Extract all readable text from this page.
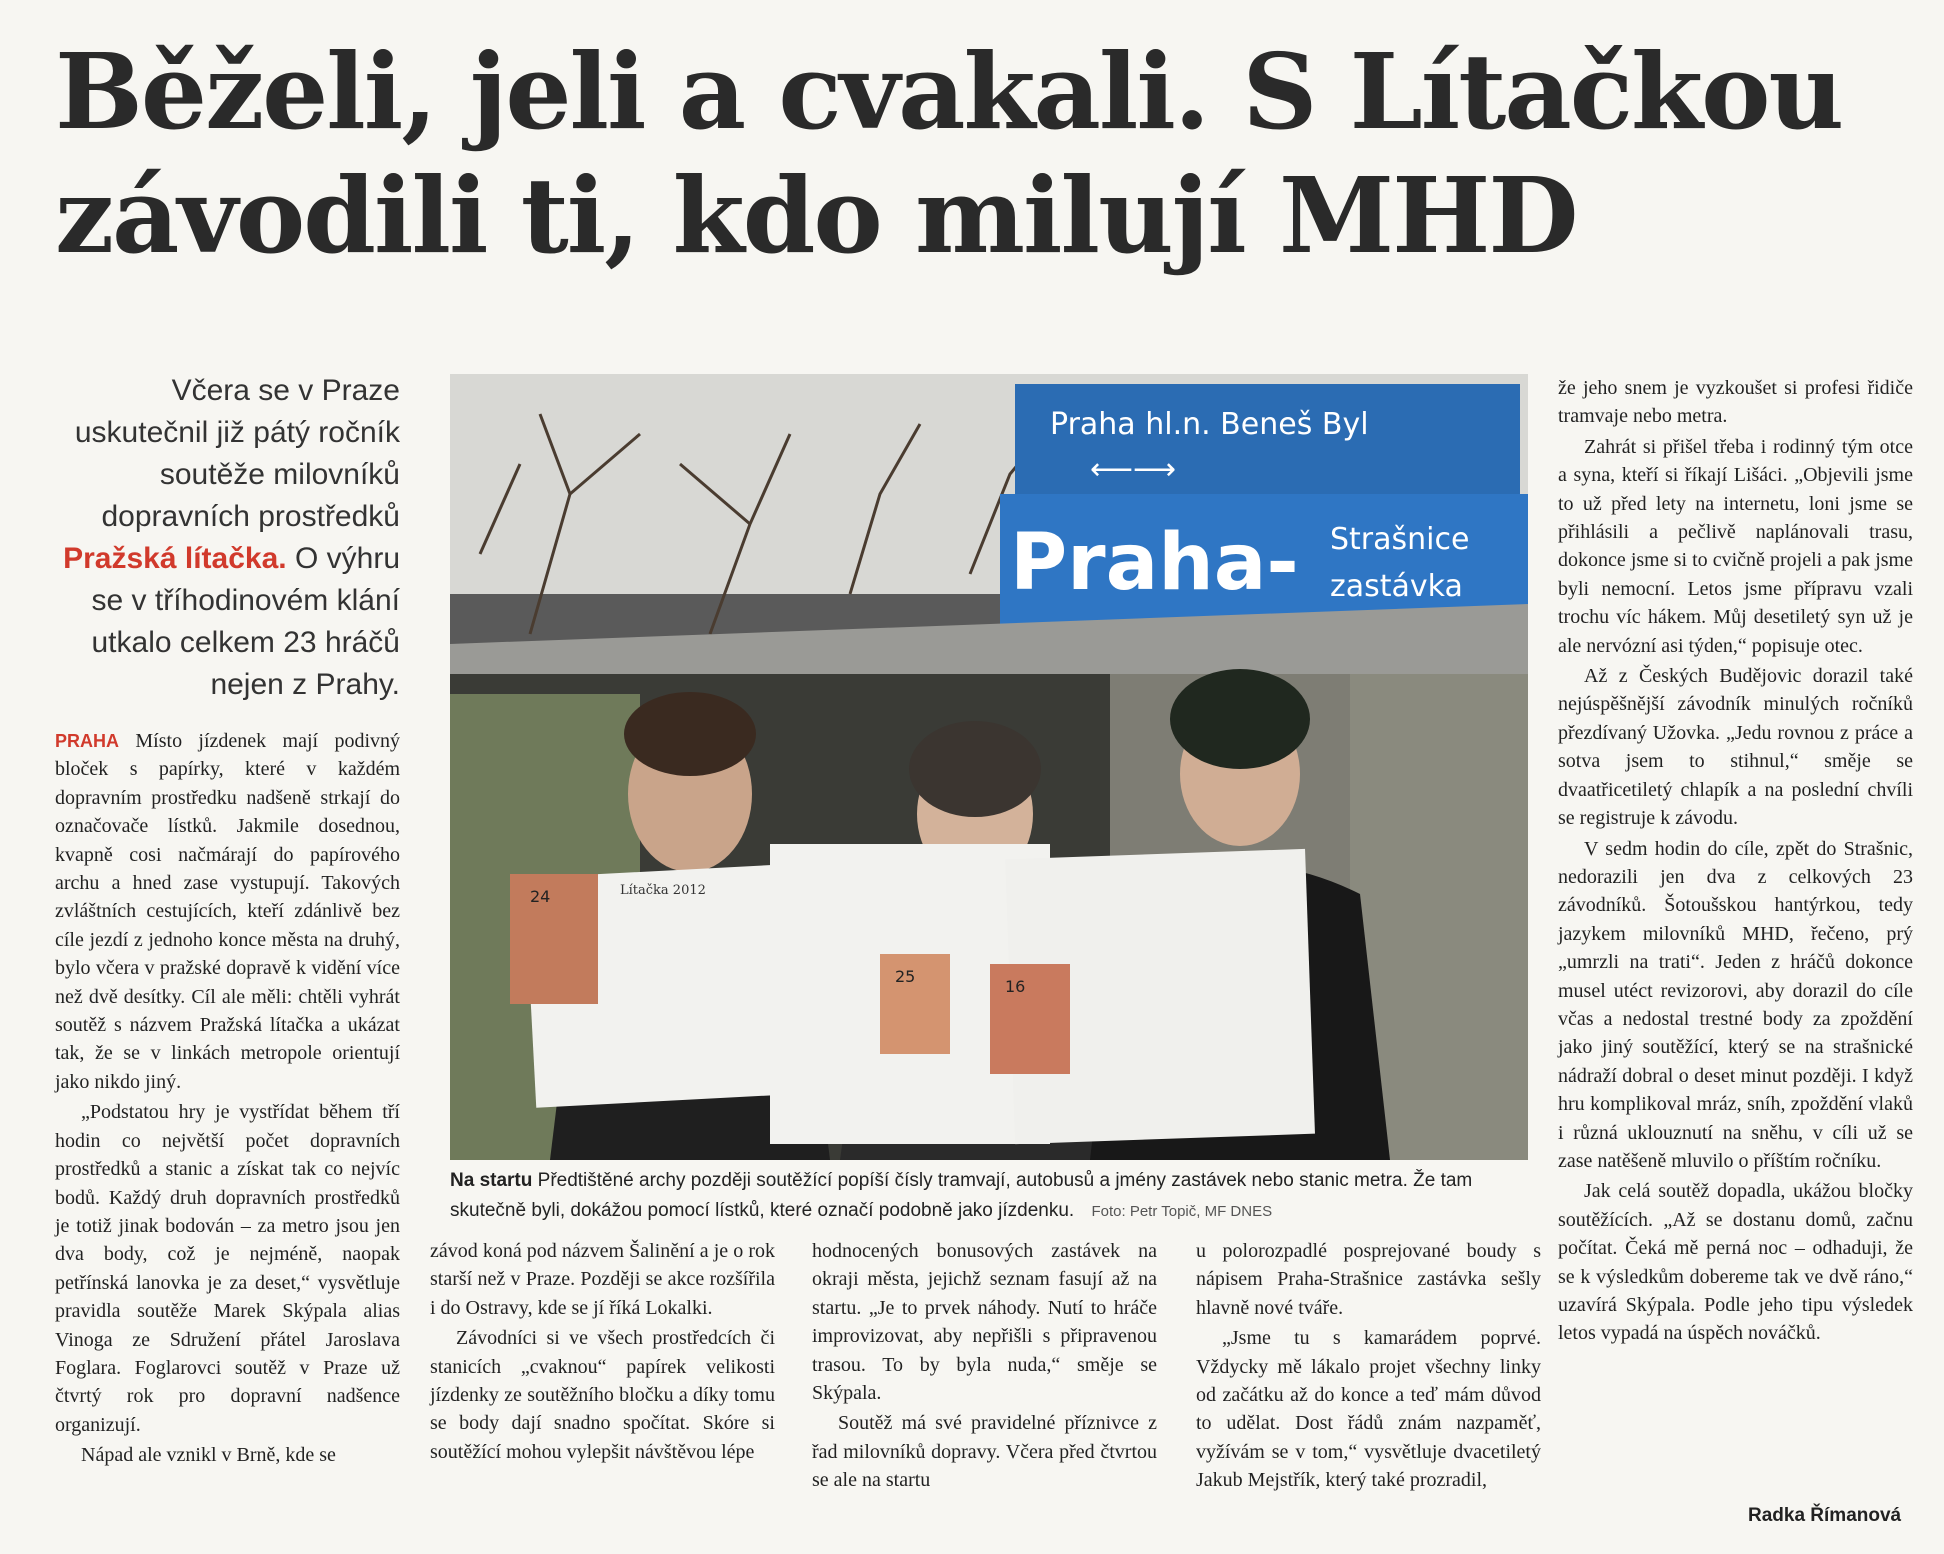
Běželi, jeli a cvakali. S Lítačkou
závodili ti, kdo milují MHD
Včera se v Praze uskutečnil již pátý ročník soutěže milovníků dopravních prostředků Pražská lítačka. O výhru se v tříhodinovém klání utkalo celkem 23 hráčů nejen z Prahy.

PRAHA Místo jízdenek mají podivný bloček s papírky, které v každém dopravním prostředku nadšeně strkají do označovače lístků. Jakmile dosednou, kvapně cosi načmárají do papírového archu a hned zase vystupují. Takových zvláštních cestujících, kteří zdánlivě bez cíle jezdí z jednoho konce města na druhý, bylo včera v pražské dopravě k vidění více než dvě desítky. Cíl ale měli: chtěli vyhrát soutěž s názvem Pražská lítačka a ukázat tak, že se v linkách metropole orientují jako nikdo jiný.

„Podstatou hry je vystřídat během tří hodin co největší počet dopravních prostředků a stanic a získat tak co nejvíc bodů. Každý druh dopravních prostředků je totiž jinak bodován – za metro jsou jen dva body, což je nejméně, naopak petřínská lanovka je za deset,“ vysvětluje pravidla soutěže Marek Skýpala alias Vinoga ze Sdružení přátel Jaroslava Foglara. Foglarovci soutěž v Praze už čtvrtý rok pro dopravní nadšence organizují.

Nápad ale vznikl v Brně, kde se

Praha hl.n. Beneš Byl
⟵⟶
Praha- Strašnice
zastávka
Lítačka 2012
24
25
16
Na startu Předtištěné archy později soutěžící popíší čísly tramvají, autobusů a jmény zastávek nebo stanic metra. Že tam skutečně byli, dokážou pomocí lístků, které označí podobně jako jízdenku. Foto: Petr Topič, MF DNES

závod koná pod názvem Šalinění a je o rok starší než v Praze. Později se akce rozšířila i do Ostravy, kde se jí říká Lokalki.

Závodníci si ve všech prostředcích či stanicích „cvaknou“ papírek velikosti jízdenky ze soutěžního bločku a díky tomu se body dají snadno spočítat. Skóre si soutěžící mohou vylepšit návštěvou lépe

hodnocených bonusových zastávek na okraji města, jejichž seznam fasují až na startu. „Je to prvek náhody. Nutí to hráče improvizovat, aby nepřišli s připravenou trasou. To by byla nuda,“ směje se Skýpala.

Soutěž má své pravidelné příznivce z řad milovníků dopravy. Včera před čtvrtou se ale na startu

u polorozpadlé posprejované boudy s nápisem Praha-Strašnice zastávka sešly hlavně nové tváře.

„Jsme tu s kamarádem poprvé. Vždycky mě lákalo projet všechny linky od začátku až do konce a teď mám důvod to udělat. Dost řádů znám nazpaměť, vyžívám se v tom,“ vysvětluje dvacetiletý Jakub Mejstřík, který také prozradil,

že jeho snem je vyzkoušet si profesi řidiče tramvaje nebo metra.

Zahrát si přišel třeba i rodinný tým otce a syna, kteří si říkají Lišáci. „Objevili jsme to už před lety na internetu, loni jsme se přihlásili a pečlivě naplánovali trasu, dokonce jsme si to cvičně projeli a pak jsme byli nemocní. Letos jsme přípravu vzali trochu víc hákem. Můj desetiletý syn už je ale nervózní asi týden,“ popisuje otec.

Až z Českých Budějovic dorazil také nejúspěšnější závodník minulých ročníků přezdívaný Užovka. „Jedu rovnou z práce a sotva jsem to stihnul,“ směje se dvaatřicetiletý chlapík a na poslední chvíli se registruje k závodu.

V sedm hodin do cíle, zpět do Strašnic, nedorazili jen dva z celkových 23 závodníků. Šotoušskou hantýrkou, tedy jazykem milovníků MHD, řečeno, prý „umrzli na trati“. Jeden z hráčů dokonce musel utéct revizorovi, aby dorazil do cíle včas a nedostal trestné body za zpoždění jako jiný soutěžící, který se na strašnické nádraží dobral o deset minut později. I když hru komplikoval mráz, sníh, zpoždění vlaků i různá uklouznutí na sněhu, v cíli už se zase natěšeně mluvilo o příštím ročníku.

Jak celá soutěž dopadla, ukážou bločky soutěžících. „Až se dostanu domů, začnu počítat. Čeká mě perná noc – odhaduji, že se k výsledkům dobereme tak ve dvě ráno,“ uzavírá Skýpala. Podle jeho tipu výsledek letos vypadá na úspěch nováčků.

Radka Římanová
